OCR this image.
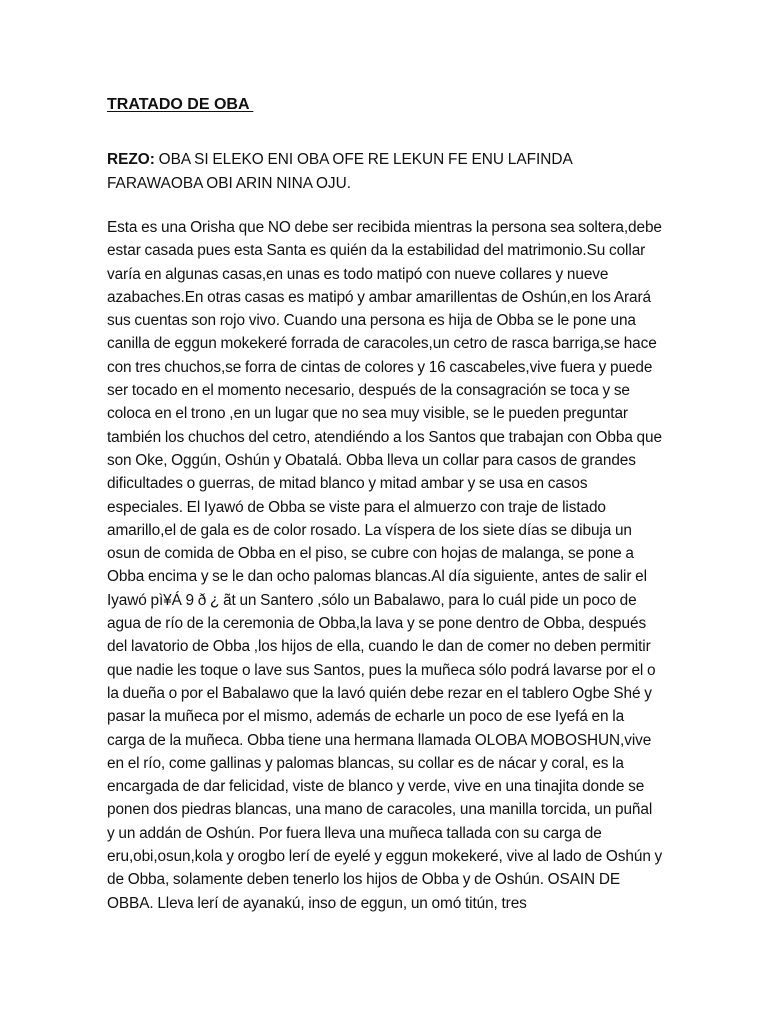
TRATADO DE OBA

REZO: OBA SI ELEKO ENI OBA OFE RE LEKUN FE ENU LAFINDA FARAWAOBA OBI ARIN NINA OJU.

Esta es una Orisha que NO debe ser recibida mientras la persona sea soltera,debe estar casada pues esta Santa es quién da la estabilidad del matrimonio.Su collar varía en algunas casas,en unas es todo matipó con nueve collares y nueve azabaches.En otras casas es matipó y ambar amarillentas de Oshún,en los Arará sus cuentas son rojo vivo. Cuando una persona es hija de Obba se le pone una canilla de eggun mokekeré forrada de caracoles,un cetro de rasca barriga,se hace con tres chuchos,se forra de cintas de colores y 16 cascabeles,vive fuera y puede ser tocado en el momento necesario, después de la consagración se toca y se coloca en el trono ,en un lugar que no sea muy visible, se le pueden preguntar también los chuchos del cetro, atendiéndo a los Santos que trabajan con Obba que son Oke, Oggún, Oshún y Obatalá. Obba lleva un collar para casos de grandes dificultades o guerras, de mitad blanco y mitad ambar y se usa en casos especiales. El Iyawó de Obba se viste para el almuerzo con traje de listado amarillo,el de gala es de color rosado. La víspera de los siete días se dibuja un osun de comida de Obba en el piso, se cubre con hojas de malanga, se pone a Obba encima y se le dan ocho palomas blancas.Al día siguiente, antes de salir el Iyawó pì¥Á 9 ð ¿ ãt un Santero ,sólo un Babalawo, para lo cuál pide un poco de agua de río de la ceremonia de Obba,la lava y se pone dentro de Obba, después del lavatorio de Obba ,los hijos de ella, cuando le dan de comer no deben permitir que nadie les toque o lave sus Santos, pues la muñeca sólo podrá lavarse por el o la dueña o por el Babalawo que la lavó quién debe rezar en el tablero Ogbe Shé y pasar la muñeca por el mismo, además de echarle un poco de ese Iyefá en la carga de la muñeca. Obba tiene una hermana llamada OLOBA MOBOSHUN,vive en el río, come gallinas y palomas blancas, su collar es de nácar y coral, es la encargada de dar felicidad, viste de blanco y verde, vive en una tinajita donde se ponen dos piedras blancas, una mano de caracoles, una manilla torcida, un puñal y un addán de Oshún. Por fuera lleva una muñeca tallada con su carga de eru,obi,osun,kola y orogbo lerí de eyelé y eggun mokekeré, vive al lado de Oshún y de Obba, solamente deben tenerlo los hijos de Obba y de Oshún. OSAIN DE OBBA. Lleva lerí de ayanakú, inso de eggun, un omó titún, tres
